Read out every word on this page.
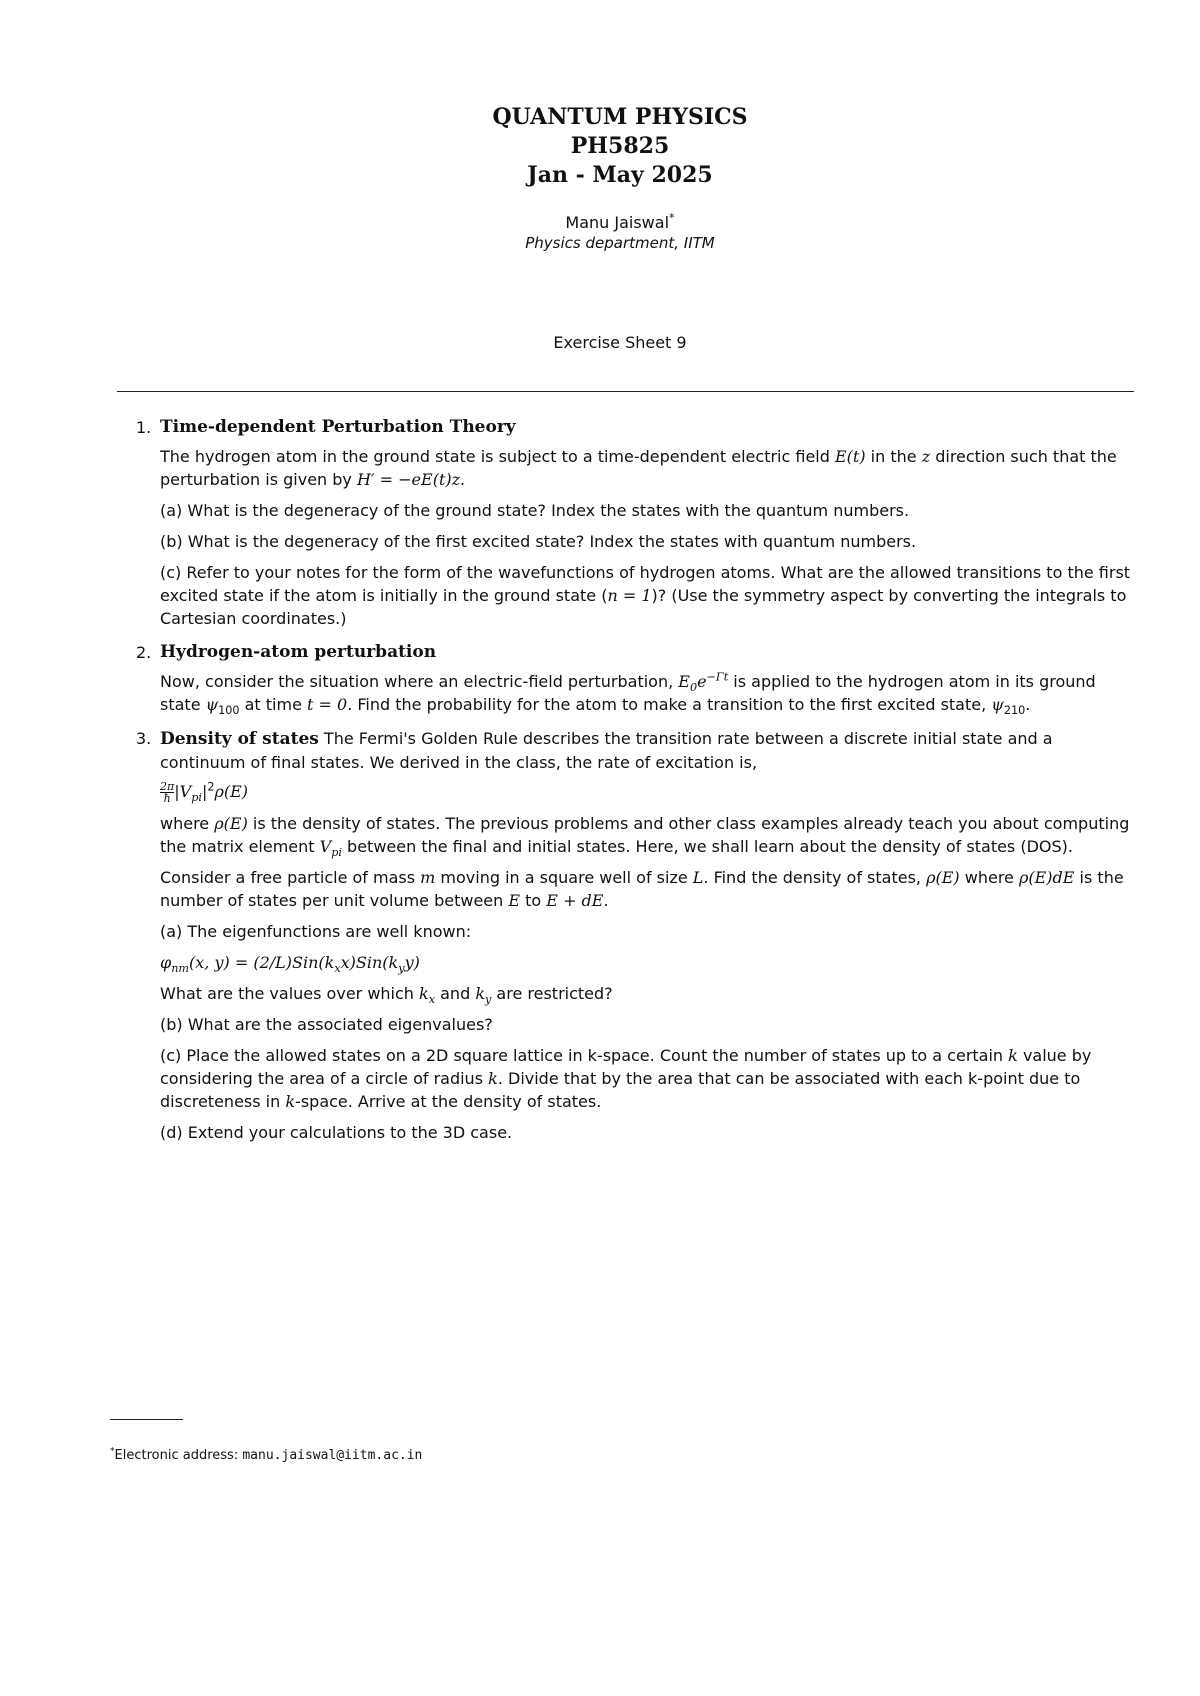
QUANTUM PHYSICS
PH5825
Jan - May 2025
Manu Jaiswal*
Physics department, IITM
Exercise Sheet 9
1. Time-dependent Perturbation Theory

The hydrogen atom in the ground state is subject to a time-dependent electric field E(t) in the z direction such that the perturbation is given by H′ = −eE(t)z.

(a) What is the degeneracy of the ground state? Index the states with the quantum numbers.

(b) What is the degeneracy of the first excited state? Index the states with quantum numbers.

(c) Refer to your notes for the form of the wavefunctions of hydrogen atoms. What are the allowed transitions to the first excited state if the atom is initially in the ground state (n = 1)? (Use the symmetry aspect by converting the integrals to Cartesian coordinates.)

2. Hydrogen-atom perturbation

Now, consider the situation where an electric-field perturbation, $E_0e^{-\Gamma t}$ is applied to the hydrogen atom in its ground state $\psi_{100}$ at time t = 0. Find the probability for the atom to make a transition to the first excited state, $\psi_{210}$.

3. Density of states The Fermi's Golden Rule describes the transition rate between a discrete initial state and a continuum of final states. We derived in the class, the rate of excitation is,

$\frac{2\pi}{ħ} |V_{pi}|^2\rho(E)$

where ρ(E) is the density of states. The previous problems and other class examples already teach you about computing the matrix element $V_{pi}$ between the final and initial states. Here, we shall learn about the density of states (DOS).

Consider a free particle of mass m moving in a square well of size L. Find the density of states, ρ(E) where ρ(E)dE is the number of states per unit volume between E to E + dE.

(a) The eigenfunctions are well known:

$\varphi_{nm}(x$, $y) = (2/L)Sin(k_xx)Sin(k_yy)$

What are the values over which $k_x$ and $k_y$ are restricted?

(b) What are the associated eigenvalues?

(c) Place the allowed states on a 2D square lattice in k-space. Count the number of states up to a certain k value by considering the area of a circle of radius k. Divide that by the area that can be associated with each k-point due to discreteness in k-space. Arrive at the density of states.

(d) Extend your calculations to the 3D case.

*Electronic address: manu.jaiswal@iitm.ac.in
